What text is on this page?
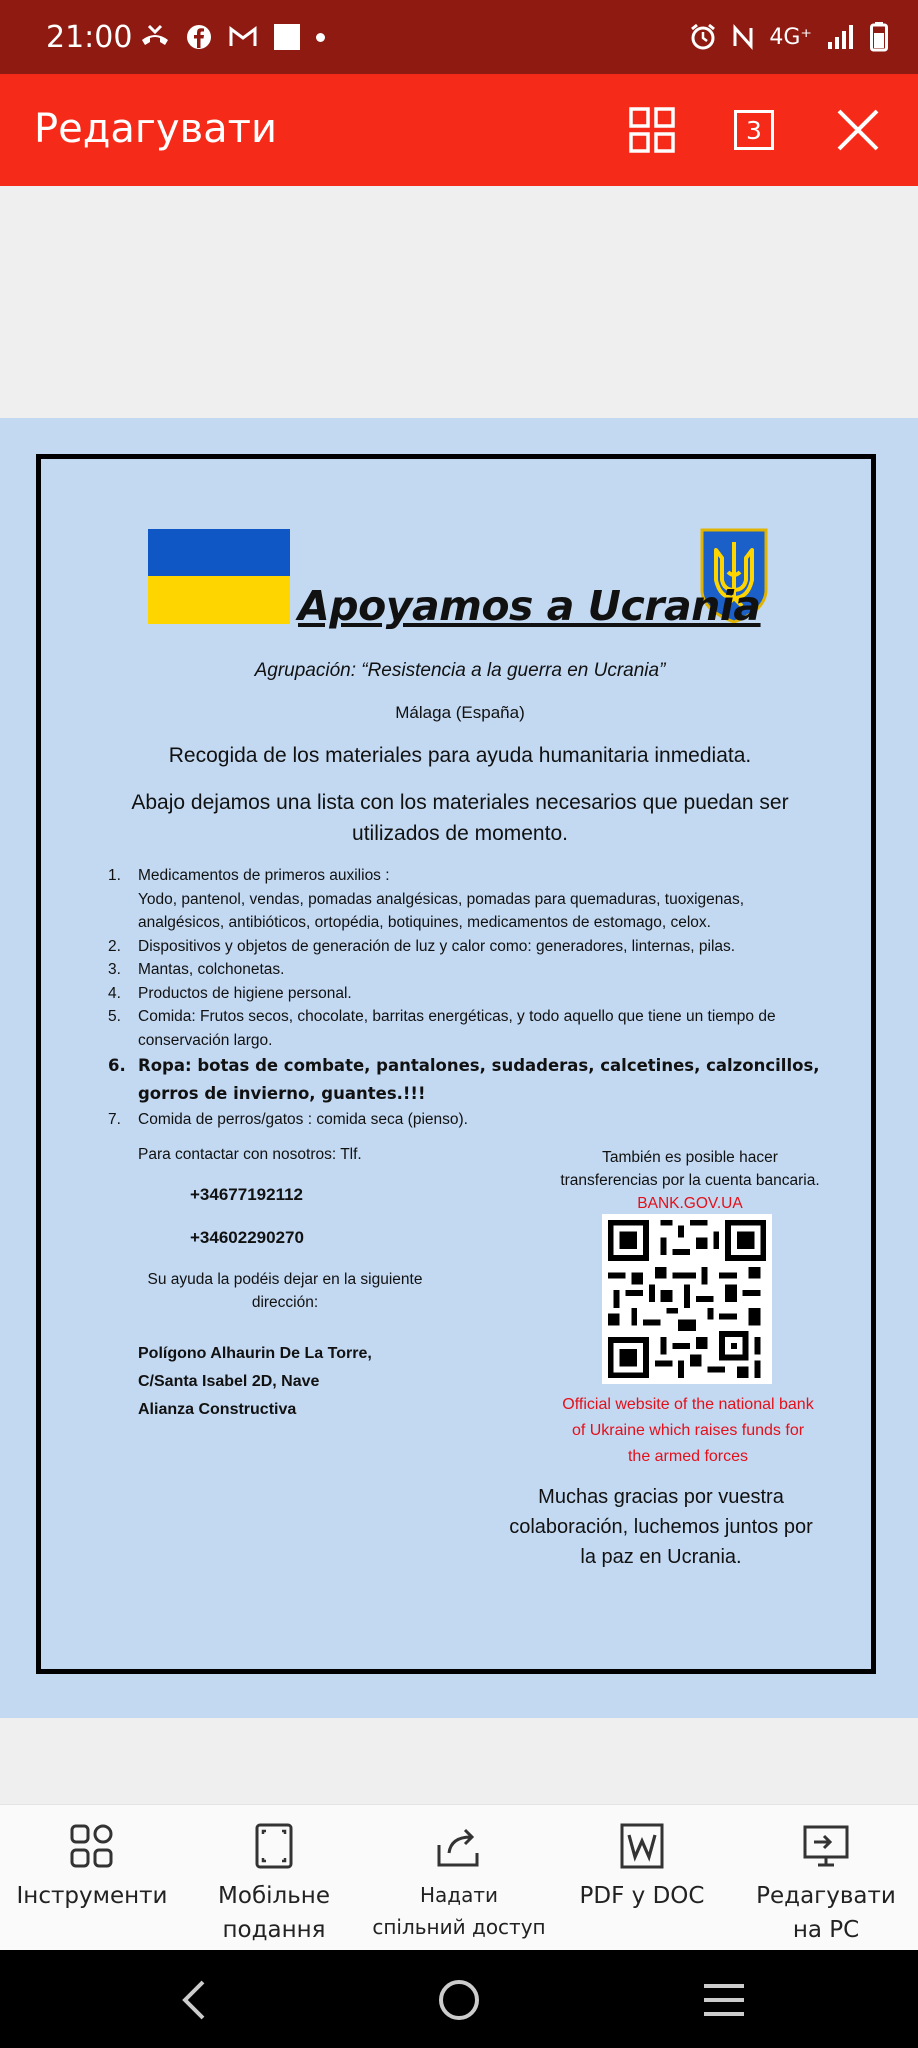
21:00	4G⁺
Редагувати	3
Apoyamos a Ucrania
Agrupación: “Resistencia a la guerra en Ucrania”
Málaga (España)
Recogida de los materiales para ayuda humanitaria inmediata.
Abajo dejamos una lista con los materiales necesarios que puedan ser
utilizados de momento.
1.	Medicamentos de primeros auxilios :
Yodo, pantenol, vendas, pomadas analgésicas, pomadas para quemaduras, tuoxigenas,
analgésicos, antibióticos, ortopédia, botiquines, medicamentos de estomago, celox.
2.	Dispositivos y objetos de generación de luz y calor como: generadores, linternas, pilas.
3.	Mantas, colchonetas.
4.	Productos de higiene personal.
5.	Comida: Frutos secos, chocolate, barritas energéticas, y todo aquello que tiene un tiempo de
conservación largo.
6. Ropa: botas de combate, pantalones, sudaderas, calcetines, calzoncillos,
gorros de invierno, guantes.!!!
7.	Comida de perros/gatos : comida seca (pienso).
Para contactar con nosotros: Tlf.
+34677192112
+34602290270
Su ayuda la podéis dejar en la siguiente
dirección:
Polígono Alhaurin De La Torre,
C/Santa Isabel 2D, Nave
Alianza Constructiva
También es posible hacer
transferencias por la cuenta bancaria.
BANK.GOV.UA
Official website of the national bank
of Ukraine which raises funds for
the armed forces
Muchas gracias por vuestra
colaboración, luchemos juntos por
la paz en Ucrania.
Інструменти	Мобільне
подання
Надати
спільний доступ
PDF у DOC	Редагувати
на PC
